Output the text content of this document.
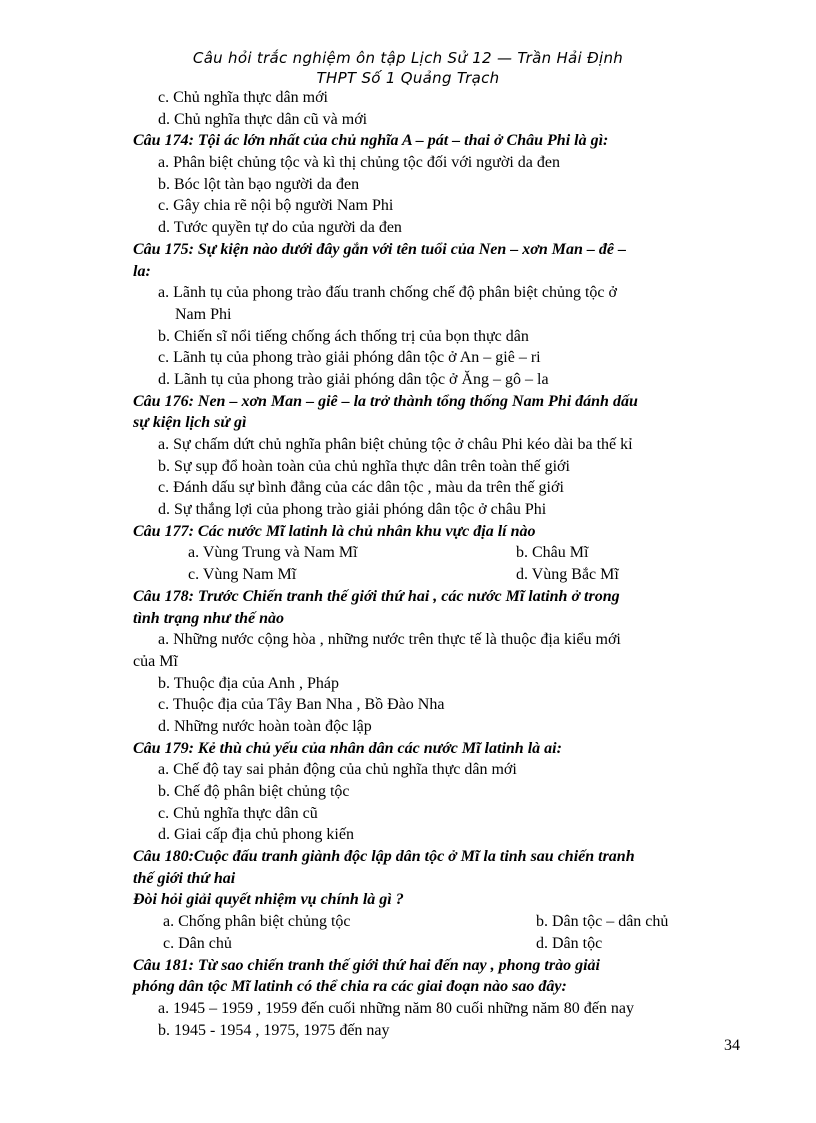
Câu hỏi trắc nghiệm ôn tập Lịch Sử 12 — Trần Hải Định
THPT Số 1 Quảng Trạch
c. Chủ nghĩa thực dân mới
d. Chủ nghĩa thực dân cũ và mới
Câu 174: Tội ác lớn nhất của chủ nghĩa A – pát – thai ở Châu Phi là gì:
a. Phân biệt chủng tộc và kì thị chủng tộc đối với người da đen
b. Bóc lột tàn bạo người da đen
c. Gây chia rẽ nội bộ người Nam Phi
d. Tước quyền tự do của người da đen
Câu 175: Sự kiện nào dưới đây gắn với tên tuổi của Nen – xơn Man – đê –
la:
a. Lãnh tụ của phong trào đấu tranh chống chế độ phân biệt chủng tộc ở
Nam Phi
b. Chiến sĩ nổi tiếng chống ách thống trị của bọn thực dân
c. Lãnh tụ của phong trào giải phóng dân tộc ở An – giê – ri
d. Lãnh tụ của phong trào giải phóng dân tộc ở Ăng – gô – la
Câu 176: Nen – xơn Man – giê – la trở thành tổng thống Nam Phi đánh dấu
sự kiện lịch sử gì
a. Sự chấm dứt chủ nghĩa phân biệt chủng tộc ở châu Phi kéo dài ba thế kỉ
b. Sự sụp đổ hoàn toàn của chủ nghĩa thực dân trên toàn thế giới
c. Đánh dấu sự bình đẳng của các dân tộc , màu da trên thế giới
d. Sự thắng lợi của phong trào giải phóng dân tộc ở châu Phi
Câu 177: Các nước Mĩ latinh là chủ nhân khu vực địa lí nào
a. Vùng Trung và Nam Mĩ	b. Châu Mĩ
c. Vùng Nam Mĩ	d. Vùng Bắc Mĩ
Câu 178: Trước Chiến tranh thế giới thứ hai , các nước Mĩ latinh ở trong
tình trạng như thế nào
a. Những nước cộng hòa , những nước trên thực tế là thuộc địa kiểu mới
của Mĩ
b. Thuộc địa của Anh , Pháp
c. Thuộc địa của Tây Ban Nha , Bồ Đào Nha
d. Những nước hoàn toàn độc lập
Câu 179: Kẻ thù chủ yếu của nhân dân các nước Mĩ latinh là ai:
a. Chế độ tay sai phản động của chủ nghĩa thực dân mới
b. Chế độ phân biệt chủng tộc
c. Chủ nghĩa thực dân cũ
d. Giai cấp địa chủ phong kiến
Câu 180:Cuộc đấu tranh giành độc lập dân tộc ở Mĩ la tinh sau chiến tranh
thế giới thứ hai
Đòi hỏi giải quyết nhiệm vụ chính là gì ?
a. Chống phân biệt chủng tộc	b. Dân tộc – dân chủ
c. Dân chủ	d. Dân tộc
Câu 181: Từ sao chiến tranh thế giới thứ hai đến nay , phong trào giải
phóng dân tộc Mĩ latinh có thể chia ra các giai đoạn nào sao đây:
a. 1945 – 1959 , 1959 đến cuối những năm 80 cuối những năm 80 đến nay
b. 1945 - 1954 , 1975, 1975 đến nay
34
